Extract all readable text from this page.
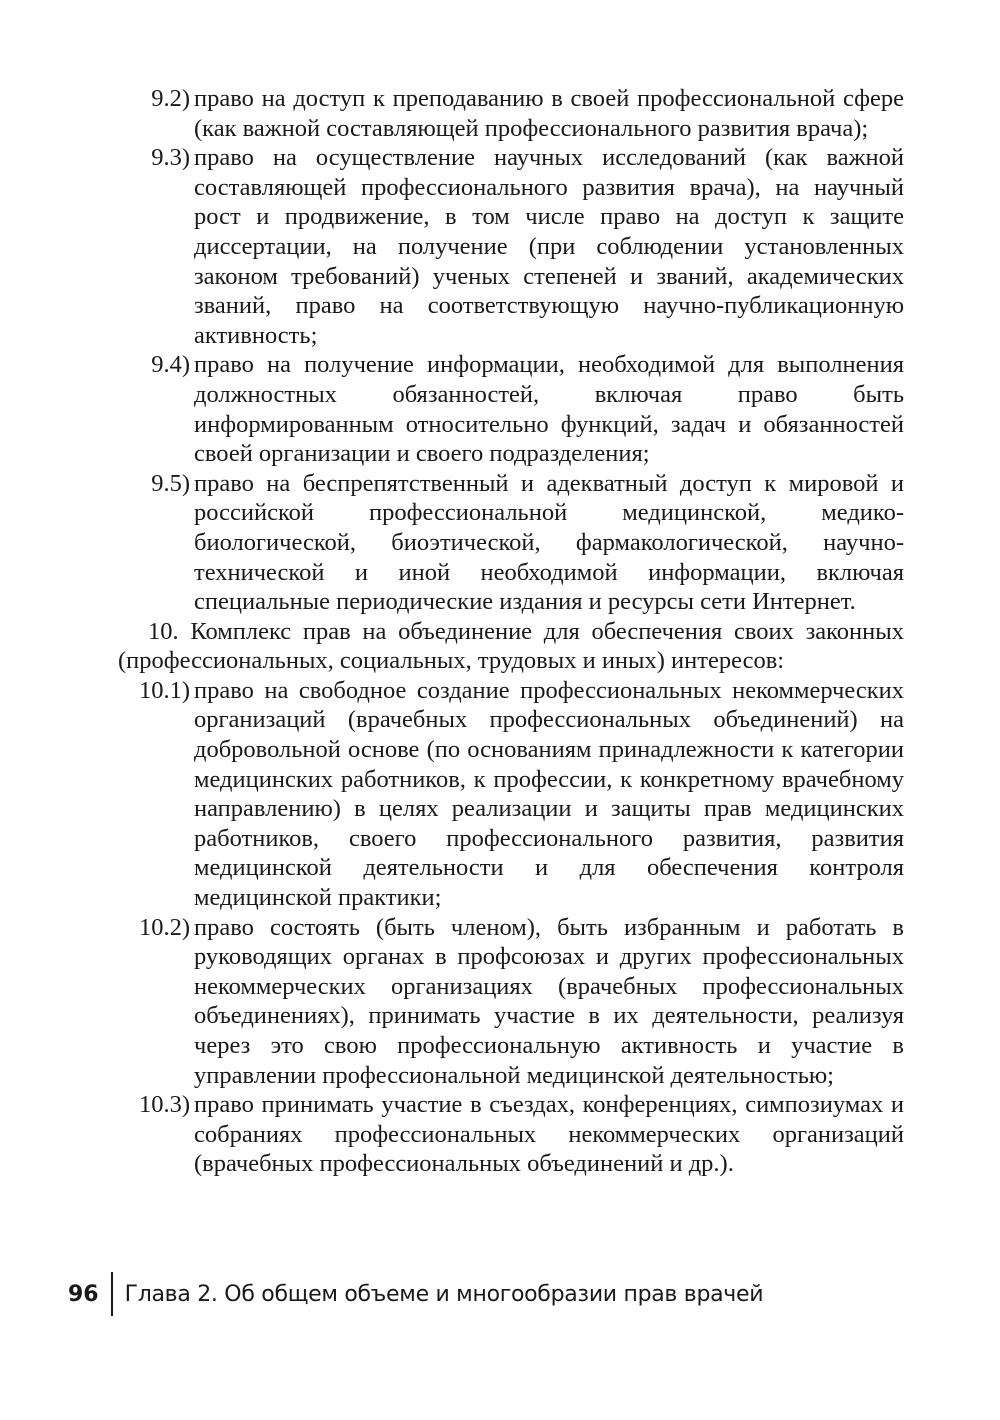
9.2) право на доступ к преподаванию в своей профессиональной сфере (как важной составляющей профессионального развития врача);
9.3) право на осуществление научных исследований (как важной составляющей профессионального развития врача), на научный рост и продвижение, в том числе право на доступ к защите диссертации, на получение (при соблюдении установленных законом требований) ученых степеней и званий, академических званий, право на соответствующую научно-публикационную активность;
9.4) право на получение информации, необходимой для выполнения должностных обязанностей, включая право быть информированным относительно функций, задач и обязанностей своей организации и своего подразделения;
9.5) право на беспрепятственный и адекватный доступ к мировой и российской профессиональной медицинской, медико-биологической, биоэтической, фармакологической, научно-технической и иной необходимой информации, включая специальные периодические издания и ресурсы сети Интернет.
10. Комплекс прав на объединение для обеспечения своих законных (профессиональных, социальных, трудовых и иных) интересов:
10.1) право на свободное создание профессиональных некоммерческих организаций (врачебных профессиональных объединений) на добровольной основе (по основаниям принадлежности к категории медицинских работников, к профессии, к конкретному врачебному направлению) в целях реализации и защиты прав медицинских работников, своего профессионального развития, развития медицинской деятельности и для обеспечения контроля медицинской практики;
10.2) право состоять (быть членом), быть избранным и работать в руководящих органах в профсоюзах и других профессиональных некоммерческих организациях (врачебных профессиональных объединениях), принимать участие в их деятельности, реализуя через это свою профессиональную активность и участие в управлении профессиональной медицинской деятельностью;
10.3) право принимать участие в съездах, конференциях, симпозиумах и собраниях профессиональных некоммерческих организаций (врачебных профессиональных объединений и др.).
96	Глава 2. Об общем объеме и многообразии прав врачей
